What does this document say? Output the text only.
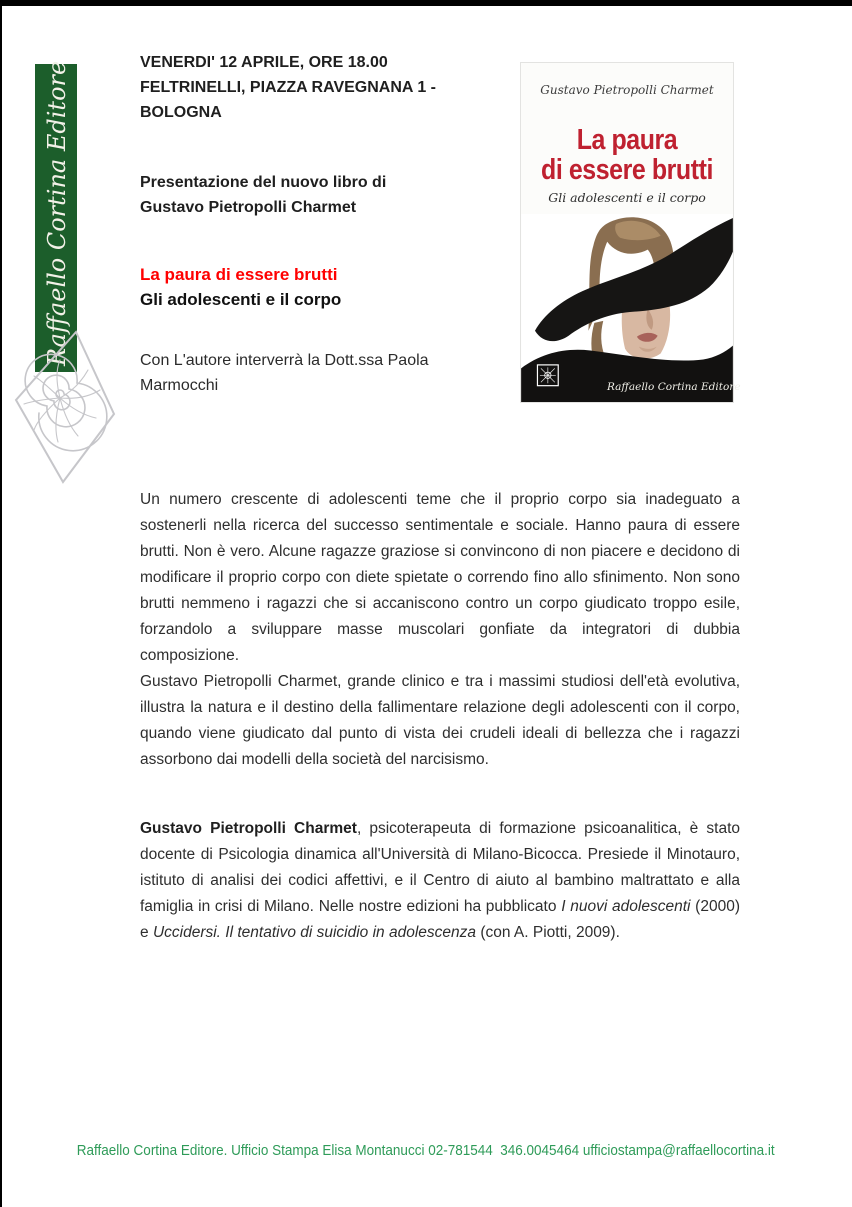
Raffaello Cortina Editore	VENERDI' 12 APRILE, ORE 18.00

FELTRINELLI, PIAZZA RAVEGNANA 1 -

BOLOGNA

Presentazione del nuovo libro di

Gustavo Pietropolli Charmet

La paura di essere brutti

Gli adolescenti e il corpo

Con L'autore interverrà la Dott.ssa Paola Marmocchi

Gustavo Pietropolli Charmet
La paura
di essere brutti
Gli adolescenti e il corpo
Raffaello Cortina Editore

Un numero crescente di adolescenti teme che il proprio corpo sia inadeguato a sostenerli nella ricerca del successo sentimentale e sociale. Hanno paura di essere brutti. Non è vero. Alcune ragazze graziose si convincono di non piacere e decidono di modificare il proprio corpo con diete spietate o correndo fino allo sfinimento. Non sono brutti nemmeno i ragazzi che si accaniscono contro un corpo giudicato troppo esile, forzandolo a sviluppare masse muscolari gonfiate da integratori di dubbia composizione.

Gustavo Pietropolli Charmet, grande clinico e tra i massimi studiosi dell'età evolutiva, illustra la natura e il destino della fallimentare relazione degli adolescenti con il corpo, quando viene giudicato dal punto di vista dei crudeli ideali di bellezza che i ragazzi assorbono dai modelli della società del narcisismo.

Gustavo Pietropolli Charmet, psicoterapeuta di formazione psicoanalitica, è stato docente di Psicologia dinamica all'Università di Milano-Bicocca. Presiede il Minotauro, istituto di analisi dei codici affettivi, e il Centro di aiuto al bambino maltrattato e alla famiglia in crisi di Milano. Nelle nostre edizioni ha pubblicato I nuovi adolescenti (2000) e Uccidersi. Il tentativo di suicidio in adolescenza (con A. Piotti, 2009).

Raffaello Cortina Editore. Ufficio Stampa Elisa Montanucci 02-781544  346.0045464 ufficiostampa@raffaellocortina.it
